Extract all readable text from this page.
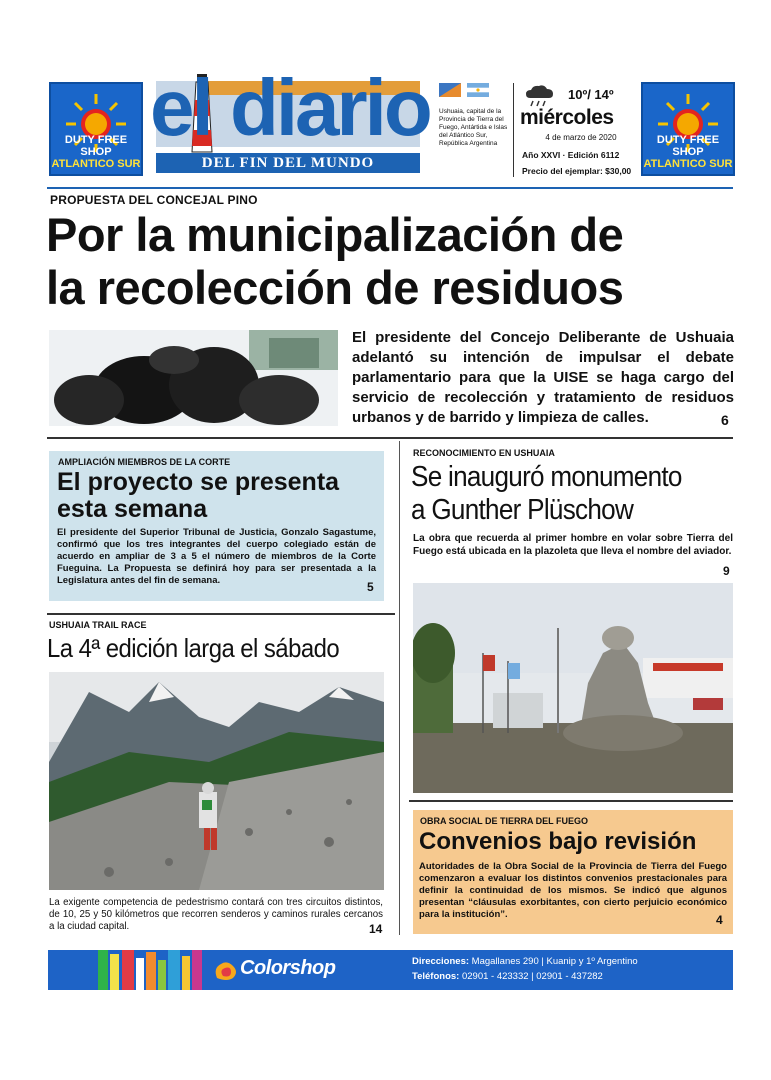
DUTY FREE SHOP
ATLANTICO SUR
DUTY FREE SHOP
ATLANTICO SUR
el diario
DEL FIN DEL MUNDO
Ushuaia, capital de la Provincia de Tierra del Fuego, Antártida e Islas del Atlántico Sur, República Argentina
10º/ 14º
miércoles
4 de marzo de 2020
Año XXVI · Edición 6112
Precio del ejemplar: $30,00
PROPUESTA DEL CONCEJAL PINO
Por la municipalización de
la recolección de residuos
El presidente del Concejo Deliberante de Ushuaia adelantó su intención de impulsar el debate parlamentario para que la UISE se haga cargo del servicio de recolección y tratamiento de residuos urbanos y de barrido y limpieza de calles.	6
AMPLIACIÓN MIEMBROS DE LA CORTE
El proyecto se presenta
esta semana
El presidente del Superior Tribunal de Justicia, Gonzalo Sagastume, confirmó que los tres integrantes del cuerpo colegiado están de acuerdo en ampliar de 3 a 5 el número de miembros de la Corte Fueguina. La Propuesta se definirá hoy para ser presentada a la Legislatura antes del fin de semana.	5
RECONOCIMIENTO EN USHUAIA
Se inauguró monumento
a Gunther Plüschow
La obra que recuerda al primer hombre en volar sobre Tierra del Fuego está ubicada en la plazoleta que lleva el nombre del aviador.
9
OBRA SOCIAL DE TIERRA DEL FUEGO
Convenios bajo revisión
Autoridades de la Obra Social de la Provincia de Tierra del Fuego comenzaron a evaluar los distintos convenios prestacionales para definir la continuidad de los mismos. Se indicó que algunos presentan “cláusulas exorbitantes, con cierto perjuicio económico para la institución”.	4
USHUAIA TRAIL RACE
La 4ª edición larga el sábado
La exigente competencia de pedestrismo contará con tres circuitos distintos, de 10, 25 y 50 kilómetros que recorren senderos y caminos rurales cercanos a la ciudad capital.	14
Colorshop	Direcciones: Magallanes 290 | Kuanip y 1º Argentino
Teléfonos: 02901 - 423332 | 02901 - 437282
